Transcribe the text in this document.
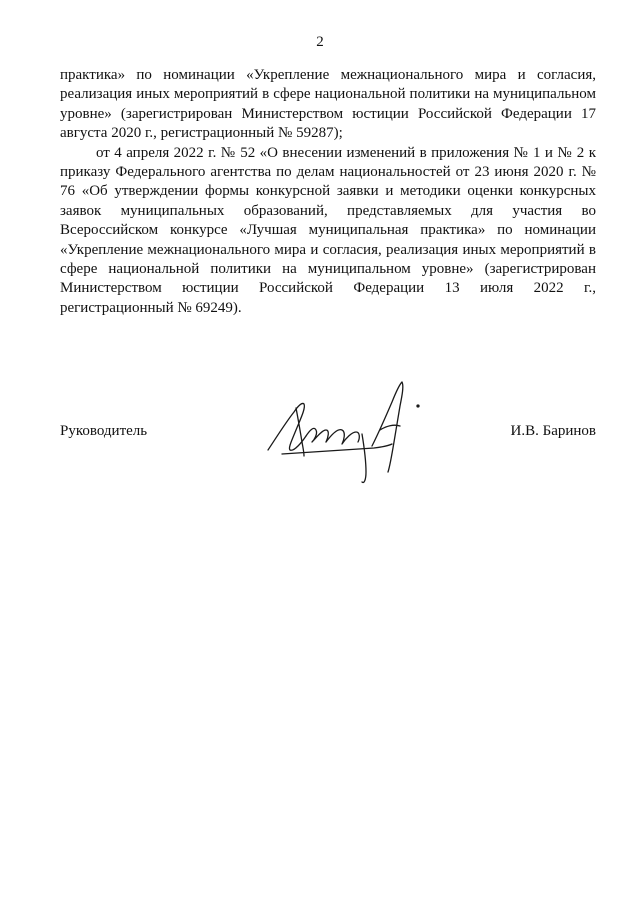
2

практика» по номинации «Укрепление межнационального мира и согласия, реализация иных мероприятий в сфере национальной политики на муниципальном уровне» (зарегистрирован Министерством юстиции Российской Федерации 17 августа 2020 г., регистрационный № 59287);

от 4 апреля 2022 г. № 52 «О внесении изменений в приложения № 1 и № 2 к приказу Федерального агентства по делам национальностей от 23 июня 2020 г. № 76 «Об утверждении формы конкурсной заявки и методики оценки конкурсных заявок муниципальных образований, представляемых для участия во Всероссийском конкурсе «Лучшая муниципальная практика» по номинации «Укрепление межнационального мира и согласия, реализация иных мероприятий в сфере национальной политики на муниципальном уровне» (зарегистрирован Министерством юстиции Российской Федерации 13 июля 2022 г., регистрационный № 69249).

Руководитель	И.В. Баринов
